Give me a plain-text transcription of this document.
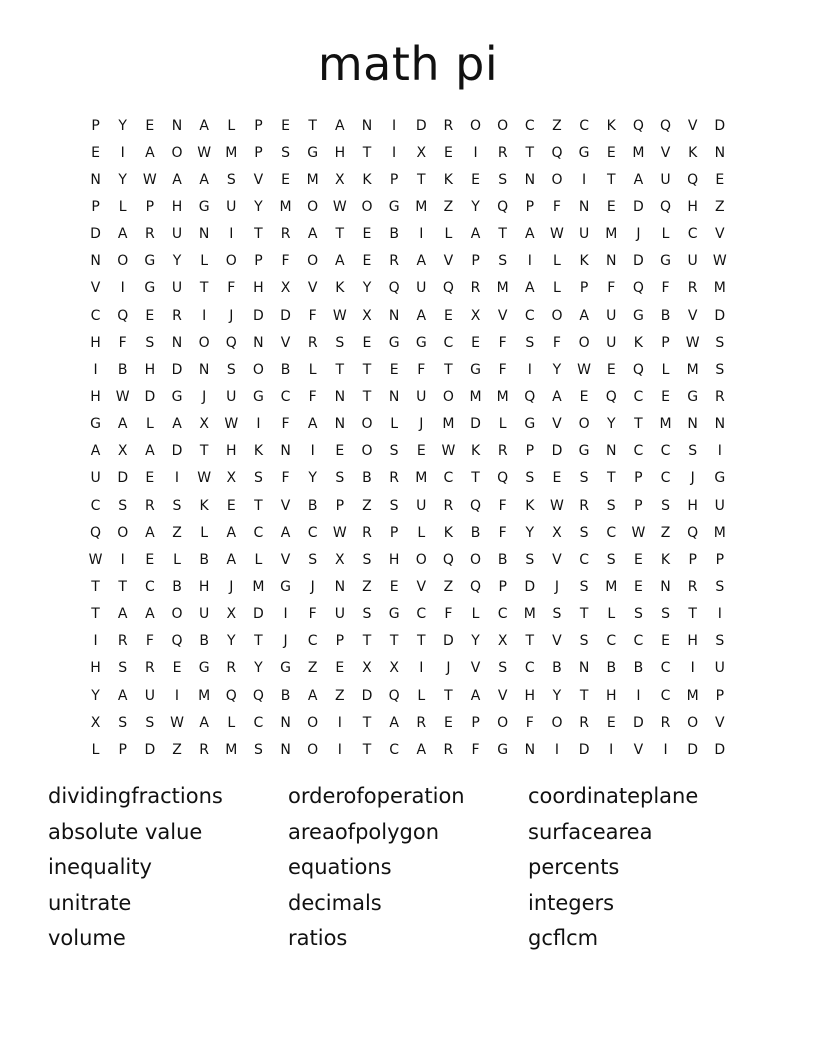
math pi
P	Y	E	N	A	L	P	E	T	A	N	I	D	R	O	O	C	Z	C	K	Q	Q	V	D
E	I	A	O	W	M	P	S	G	H	T	I	X	E	I	R	T	Q	G	E	M	V	K	N
N	Y	W	A	A	S	V	E	M	X	K	P	T	K	E	S	N	O	I	T	A	U	Q	E
P	L	P	H	G	U	Y	M	O	W	O	G	M	Z	Y	Q	P	F	N	E	D	Q	H	Z
D	A	R	U	N	I	T	R	A	T	E	B	I	L	A	T	A	W	U	M	J	L	C	V
N	O	G	Y	L	O	P	F	O	A	E	R	A	V	P	S	I	L	K	N	D	G	U	W
V	I	G	U	T	F	H	X	V	K	Y	Q	U	Q	R	M	A	L	P	F	Q	F	R	M
C	Q	E	R	I	J	D	D	F	W	X	N	A	E	X	V	C	O	A	U	G	B	V	D
H	F	S	N	O	Q	N	V	R	S	E	G	G	C	E	F	S	F	O	U	K	P	W	S
I	B	H	D	N	S	O	B	L	T	T	E	F	T	G	F	I	Y	W	E	Q	L	M	S
H	W	D	G	J	U	G	C	F	N	T	N	U	O	M	M	Q	A	E	Q	C	E	G	R
G	A	L	A	X	W	I	F	A	N	O	L	J	M	D	L	G	V	O	Y	T	M	N	N
A	X	A	D	T	H	K	N	I	E	O	S	E	W	K	R	P	D	G	N	C	C	S	I
U	D	E	I	W	X	S	F	Y	S	B	R	M	C	T	Q	S	E	S	T	P	C	J	G
C	S	R	S	K	E	T	V	B	P	Z	S	U	R	Q	F	K	W	R	S	P	S	H	U
Q	O	A	Z	L	A	C	A	C	W	R	P	L	K	B	F	Y	X	S	C	W	Z	Q	M
W	I	E	L	B	A	L	V	S	X	S	H	O	Q	O	B	S	V	C	S	E	K	P	P
T	T	C	B	H	J	M	G	J	N	Z	E	V	Z	Q	P	D	J	S	M	E	N	R	S
T	A	A	O	U	X	D	I	F	U	S	G	C	F	L	C	M	S	T	L	S	S	T	I
I	R	F	Q	B	Y	T	J	C	P	T	T	T	D	Y	X	T	V	S	C	C	E	H	S
H	S	R	E	G	R	Y	G	Z	E	X	X	I	J	V	S	C	B	N	B	B	C	I	U
Y	A	U	I	M	Q	Q	B	A	Z	D	Q	L	T	A	V	H	Y	T	H	I	C	M	P
X	S	S	W	A	L	C	N	O	I	T	A	R	E	P	O	F	O	R	E	D	R	O	V
L	P	D	Z	R	M	S	N	O	I	T	C	A	R	F	G	N	I	D	I	V	I	D	D
dividingfractions	orderofoperation	coordinateplane
absolute value	areaofpolygon	surfacearea
inequality	equations	percents
unitrate	decimals	integers
volume	ratios	gcflcm
